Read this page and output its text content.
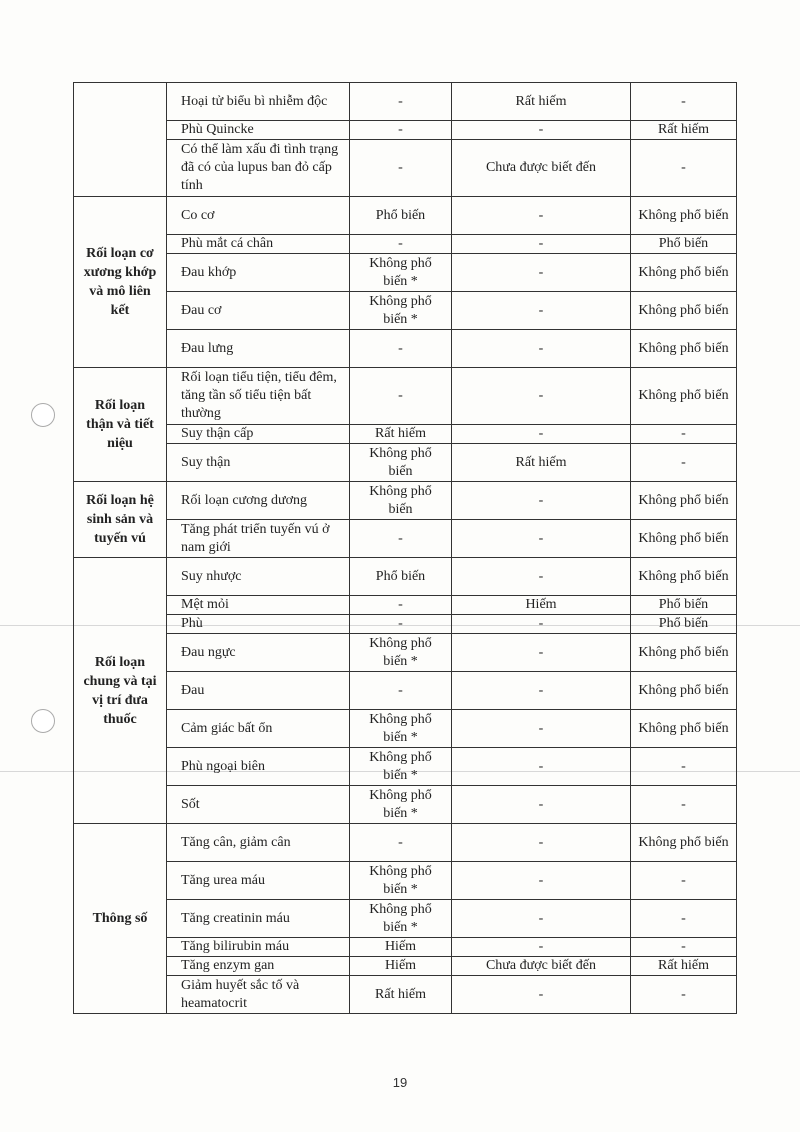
	Hoại tử biểu bì nhiễm độc	-	Rất hiếm	-
	Phù Quincke	-	-	Rất hiếm
	Có thể làm xấu đi tình trạng đã có của lupus ban đỏ cấp tính	-	Chưa được biết đến	-
Rối loạn cơ xương khớp và mô liên kết	Co cơ	Phổ biến	-	Không phổ biến
	Phù mắt cá chân	-	-	Phổ biến
	Đau khớp	Không phổ biến *	-	Không phổ biến
	Đau cơ	Không phổ biến *	-	Không phổ biến
	Đau lưng	-	-	Không phổ biến
Rối loạn thận và tiết niệu	Rối loạn tiểu tiện, tiểu đêm, tăng tần số tiểu tiện bất thường	-	-	Không phổ biến
	Suy thận cấp	Rất hiếm	-	-
	Suy thận	Không phổ biến	Rất hiếm	-
Rối loạn hệ sinh sản và tuyến vú	Rối loạn cương dương	Không phổ biến	-	Không phổ biến
	Tăng phát triển tuyến vú ở nam giới	-	-	Không phổ biến
Rối loạn chung và tại vị trí đưa thuốc	Suy nhược	Phổ biến	-	Không phổ biến
	Mệt mỏi	-	Hiếm	Phổ biến
	Phù	-	-	Phổ biến
	Đau ngực	Không phổ biến *	-	Không phổ biến
	Đau	-	-	Không phổ biến
	Cảm giác bất ổn	Không phổ biến *	-	Không phổ biến
	Phù ngoại biên	Không phổ biến *	-	-
	Sốt	Không phổ biến *	-	-
Thông số	Tăng cân, giảm cân	-	-	Không phổ biến
	Tăng urea máu	Không phổ biến *	-	-
	Tăng creatinin máu	Không phổ biến *	-	-
	Tăng bilirubin máu	Hiếm	-	-
	Tăng enzym gan	Hiếm	Chưa được biết đến	Rất hiếm
	Giảm huyết sắc tố và heamatocrit	Rất hiếm	-	-
19
